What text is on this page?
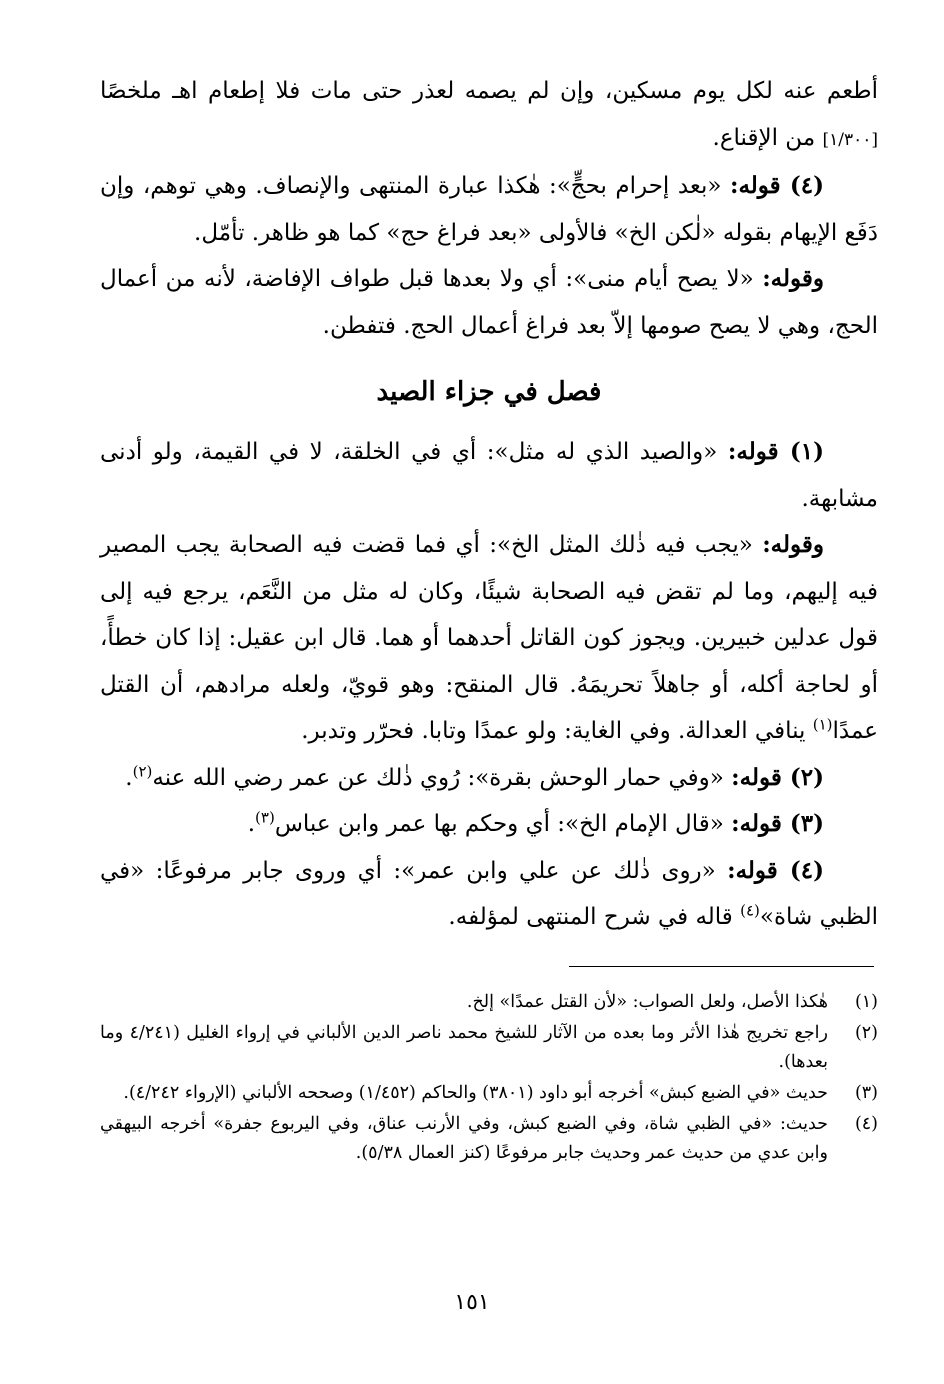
أطعم عنه لكل يوم مسكين، وإن لم يصمه لعذر حتى مات فلا إطعام اهـ ملخصًا [١/٣٠٠] من الإقناع.

(٤) قوله: «بعد إحرام بحجٍّ»: هٰكذا عبارة المنتهى والإنصاف. وهي توهم، وإن دَفَع الإيهام بقوله «لٰكن الخ» فالأولى «بعد فراغ حج» كما هو ظاهر. تأمّل.

وقوله: «لا يصح أيام منى»: أي ولا بعدها قبل طواف الإفاضة، لأنه من أعمال الحج، وهي لا يصح صومها إلاّ بعد فراغ أعمال الحج. فتفطن.

فصل في جزاء الصيد

(١) قوله: «والصيد الذي له مثل»: أي في الخلقة، لا في القيمة، ولو أدنى مشابهة.

وقوله: «يجب فيه ذٰلك المثل الخ»: أي فما قضت فيه الصحابة يجب المصير فيه إليهم، وما لم تقض فيه الصحابة شيئًا، وكان له مثل من النَّعَم، يرجع فيه إلى قول عدلين خبيرين. ويجوز كون القاتل أحدهما أو هما. قال ابن عقيل: إذا كان خطأً، أو لحاجة أكله، أو جاهلاً تحريمَهُ. قال المنقح: وهو قويّ، ولعله مرادهم، أن القتل عمدًا$^{(١)}$ ينافي العدالة. وفي الغاية: ولو عمدًا وتابا. فحرّر وتدبر.

(٢) قوله: «وفي حمار الوحش بقرة»: رُوي ذٰلك عن عمر رضي الله عنه$^{(٢)}$.

(٣) قوله: «قال الإمام الخ»: أي وحكم بها عمر وابن عباس$^{(٣)}$.

(٤) قوله: «روى ذٰلك عن علي وابن عمر»: أي وروى جابر مرفوعًا: «في الظبي شاة»$^{(٤)}$ قاله في شرح المنتهى لمؤلفه.

(١)
هٰكذا الأصل، ولعل الصواب: «لأن القتل عمدًا» إلخ.
(٢)
راجع تخريج هٰذا الأثر وما بعده من الآثار للشيخ محمد ناصر الدين الألباني في إرواء الغليل (٤/٢٤١ وما بعدها).
(٣)
حديث «في الضبع كبش» أخرجه أبو داود (٣٨٠١) والحاكم (١/٤٥٢) وصححه الألباني (الإرواء ٤/٢٤٢).
(٤)
حديث: «في الظبي شاة، وفي الضبع كبش، وفي الأرنب عناق، وفي اليربوع جفرة» أخرجه البيهقي وابن عدي من حديث عمر وحديث جابر مرفوعًا (كنز العمال ٥/٣٨).
١٥١
